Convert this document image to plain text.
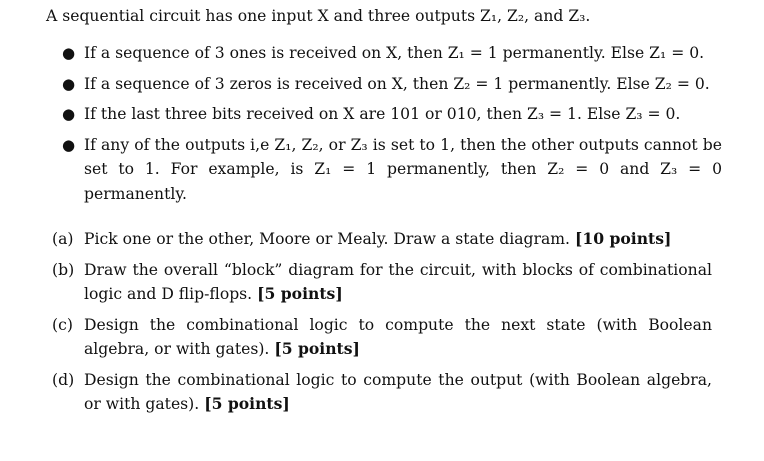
A sequential circuit has one input X and three outputs Z₁, Z₂, and Z₃.
● If a sequence of 3 ones is received on X, then Z₁ = 1 permanently. Else Z₁ = 0.
● If a sequence of 3 zeros is received on X, then Z₂ = 1 permanently. Else Z₂ = 0.
● If the last three bits received on X are 101 or 010, then Z₃ = 1. Else Z₃ = 0.
● If any of the outputs i,e Z₁, Z₂, or Z₃ is set to 1, then the other outputs cannot be set to 1. For example, is Z₁ = 1 permanently, then Z₂ = 0 and Z₃ = 0 permanently.
(a) Pick one or the other, Moore or Mealy. Draw a state diagram. [10 points]
(b) Draw the overall “block” diagram for the circuit, with blocks of combinational logic and D flip-flops. [5 points]
(c) Design the combinational logic to compute the next state (with Boolean algebra, or with gates). [5 points]
(d) Design the combinational logic to compute the output (with Boolean algebra, or with gates). [5 points]
